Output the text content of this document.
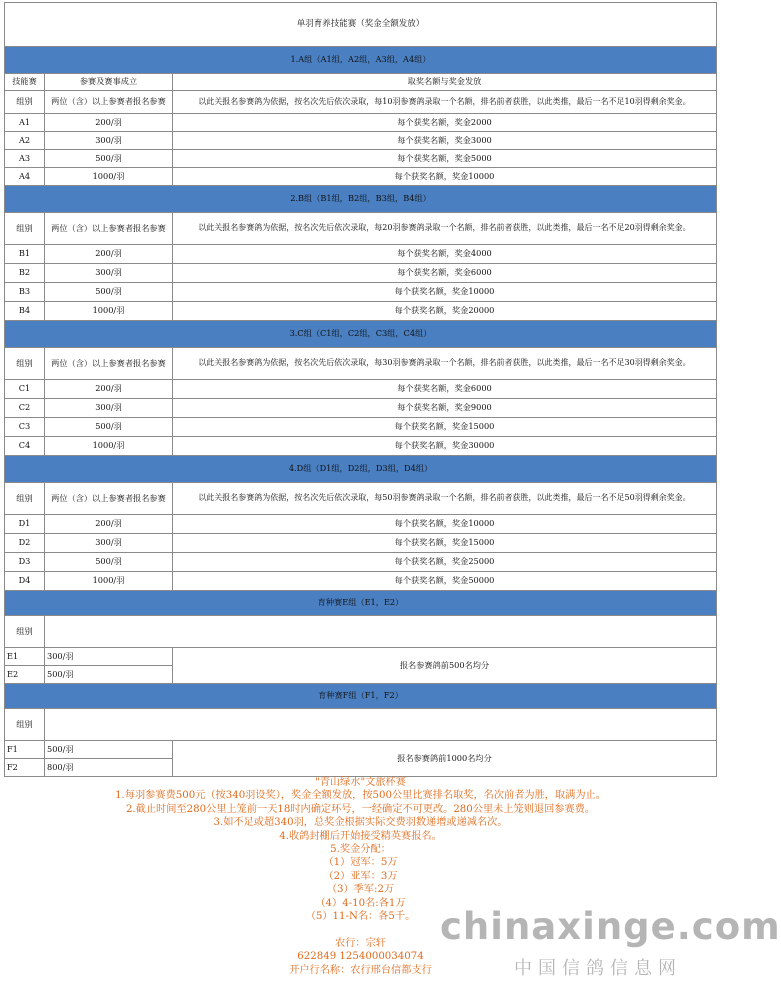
单羽育养技能赛（奖金全额发放）		
1.A组（A1组，A2组，A3组，A4组）		
技能赛	参赛及赛事成立	取奖名额与奖金发放
组别	两位（含）以上参赛者报名参赛	以此关报名参赛鸽为依据，按名次先后依次录取，每10羽参赛鸽录取一个名额，排名前者获胜，以此类推，最后一名不足10羽得剩余奖金。
A1	200/羽	每个获奖名额，奖金2000
A2	300/羽	每个获奖名额，奖金3000
A3	500/羽	每个获奖名额，奖金5000
A4	1000/羽	每个获奖名额，奖金10000
2.B组（B1组，B2组，B3组，B4组）		
组别	两位（含）以上参赛者报名参赛	以此关报名参赛鸽为依据，按名次先后依次录取，每20羽参赛鸽录取一个名额，排名前者获胜，以此类推，最后一名不足20羽得剩余奖金。
B1	200/羽	每个获奖名额，奖金4000
B2	300/羽	每个获奖名额，奖金6000
B3	500/羽	每个获奖名额，奖金10000
B4	1000/羽	每个获奖名额，奖金20000
3.C组（C1组，C2组，C3组，C4组）		
组别	两位（含）以上参赛者报名参赛	以此关报名参赛鸽为依据，按名次先后依次录取，每30羽参赛鸽录取一个名额，排名前者获胜，以此类推，最后一名不足30羽得剩余奖金。
C1	200/羽	每个获奖名额，奖金6000
C2	300/羽	每个获奖名额，奖金9000
C3	500/羽	每个获奖名额，奖金15000
C4	1000/羽	每个获奖名额，奖金30000
4.D组（D1组，D2组，D3组，D4组）		
组别	两位（含）以上参赛者报名参赛	以此关报名参赛鸽为依据，按名次先后依次录取，每50羽参赛鸽录取一个名额，排名前者获胜，以此类推，最后一名不足50羽得剩余奖金。
D1	200/羽	每个获奖名额，奖金10000
D2	300/羽	每个获奖名额，奖金15000
D3	500/羽	每个获奖名额，奖金25000
D4	1000/羽	每个获奖名额，奖金50000
育种赛E组（E1，E2）		
组别		
E1	300/羽	报名参赛鸽前500名均分
E2	500/羽	
育种赛F组（F1，F2）		
组别		
F1	500/羽	报名参赛鸽前1000名均分
F2	800/羽	
"青山绿水"文旅杯赛
1.每羽参赛费500元（按340羽设奖），奖金全额发放，按500公里比赛排名取奖，名次前者为胜，取满为止。
2.截止时间至280公里上笼前一天18时内确定环号，一经确定不可更改。280公里未上笼则退回参赛费。
3.如不足或超340羽，总奖金根据实际交费羽数递增或递减名次。
4.收鸽封棚后开始接受精英赛报名。
5.奖金分配：
（1）冠军：5万
（2）亚军：3万
（3）季军:2万
（4）4-10名:各1万
（5）11-N名：各5千。

农行：宗轩
622849 1254000034074
开户行名称：农行邢台信都支行
chinaxinge.com
中国信鸽信息网
